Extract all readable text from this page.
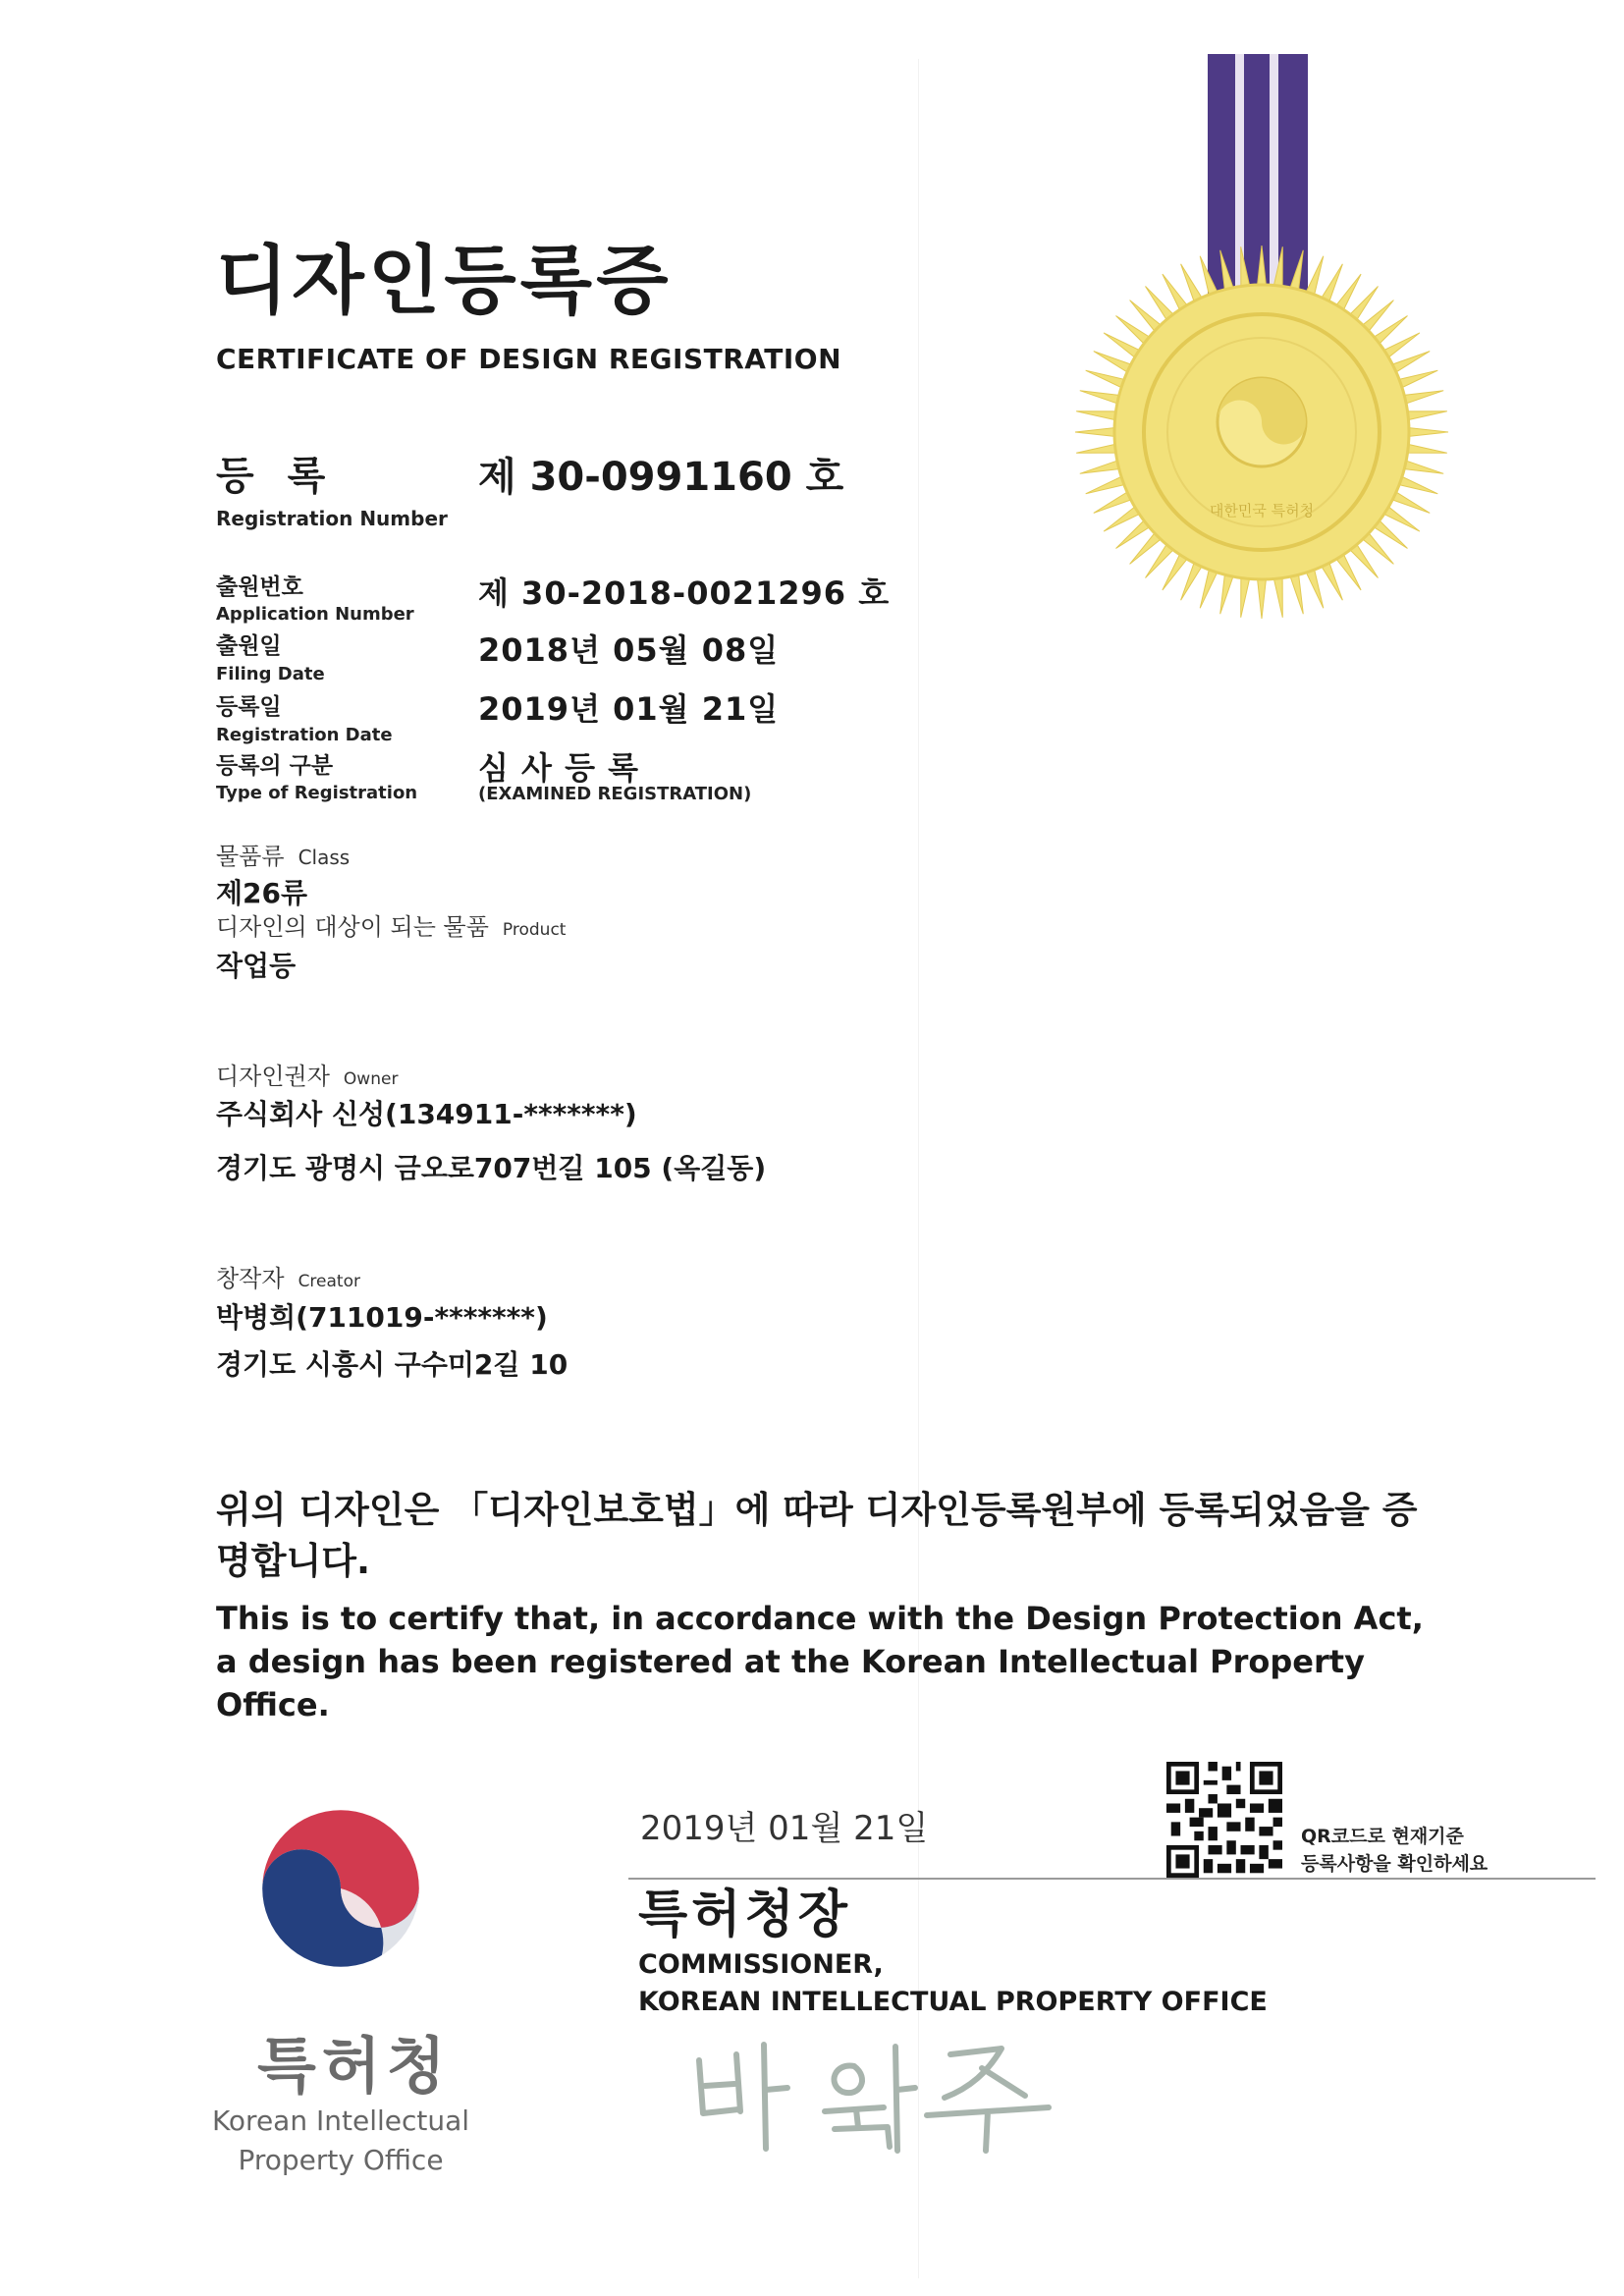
대한민국 특허청
디자인등록증
CERTIFICATE OF DESIGN REGISTRATION
등 록
Registration Number
제 30-0991160 호
출원번호
Application Number
제 30-2018-0021296 호
출원일
Filing Date
2018년 05월 08일
등록일
Registration Date
2019년 01월 21일
등록의 구분
Type of Registration
심 사 등 록
(EXAMINED REGISTRATION)
물품류 Class
제26류
디자인의 대상이 되는 물품 Product
작업등
디자인권자 Owner
주식회사 신성(134911-*******)
경기도 광명시 금오로707번길 105 (옥길동)
창작자 Creator
박병희(711019-*******)
경기도 시흥시 구수미2길 10
위의 디자인은 「디자인보호법」에 따라 디자인등록원부에 등록되었음을 증명합니다.
This is to certify that, in accordance with the Design Protection Act, a design has been registered at the Korean Intellectual Property Office.
QR코드로 현재기준
등록사항을 확인하세요
2019년 01월 21일
특허청장
COMMISSIONER,
KOREAN INTELLECTUAL PROPERTY OFFICE
특허청
Korean Intellectual Property Office
